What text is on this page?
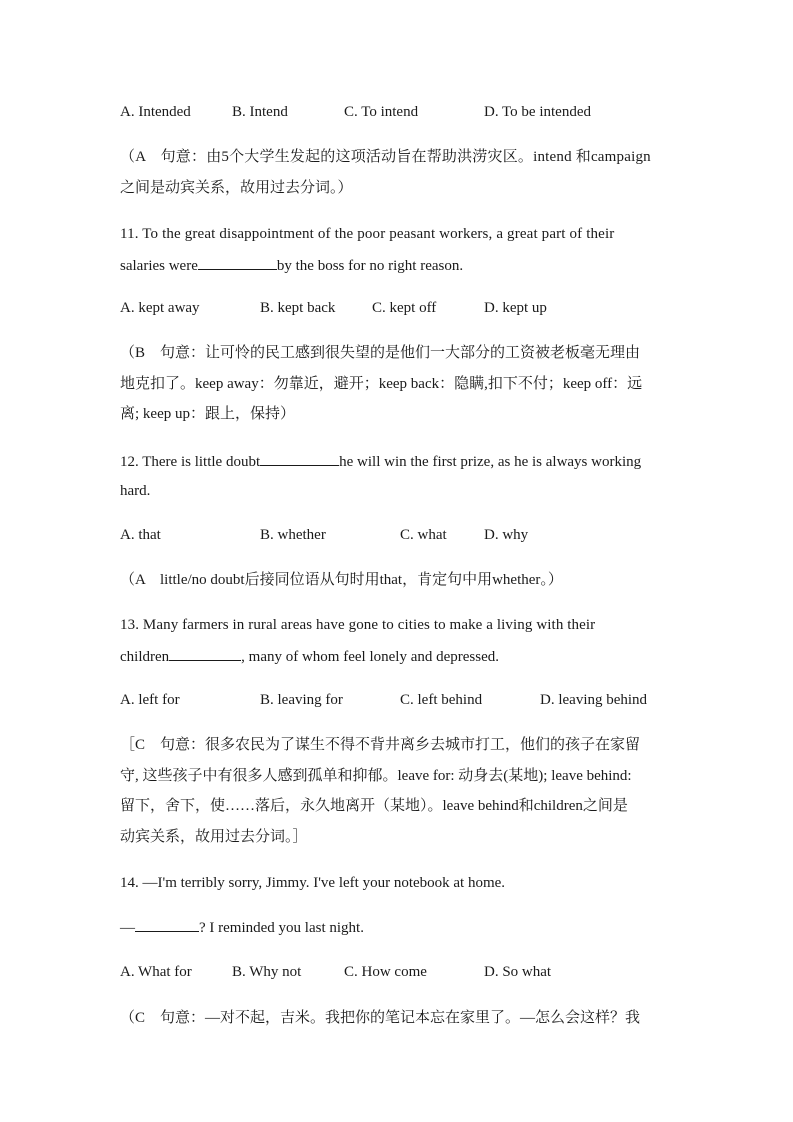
A. Intended	B. Intend	C. To intend	D. To be intended
（A　句意：由5个大学生发起的这项活动旨在帮助洪涝灾区。intend 和campaign
之间是动宾关系，故用过去分词。）
11. To the great disappointment of the poor peasant workers, a great part of their
salaries were	by the boss for no right reason.
A. kept away	B. kept back C. kept off	D. kept up
（B　句意：让可怜的民工感到很失望的是他们一大部分的工资被老板毫无理由
地克扣了。keep away：勿靠近，避开；keep back：隐瞒,扣下不付；keep off：远
离; keep up：跟上，保持）
12. There is little doubt	he will win the first prize, as he is always working
hard.
A. that	B. whether	C. what D. why
（A　little/no doubt后接同位语从句时用that，肯定句中用whether。）
13. Many farmers in rural areas have gone to cities to make a living with their
children	, many of whom feel lonely and depressed.
A. left for	B. leaving for	C. left behind	D. leaving behind
［C　句意：很多农民为了谋生不得不背井离乡去城市打工，他们的孩子在家留
守, 这些孩子中有很多人感到孤单和抑郁。leave for: 动身去(某地); leave behind:
留下，舍下，使……落后，永久地离开（某地）。leave behind和children之间是
动宾关系，故用过去分词。］
14. —I'm terribly sorry, Jimmy. I've left your notebook at home.
—	? I reminded you last night.
A. What for	B. Why not	C. How come	D. So what
（C　句意：—对不起，吉米。我把你的笔记本忘在家里了。—怎么会这样？我
